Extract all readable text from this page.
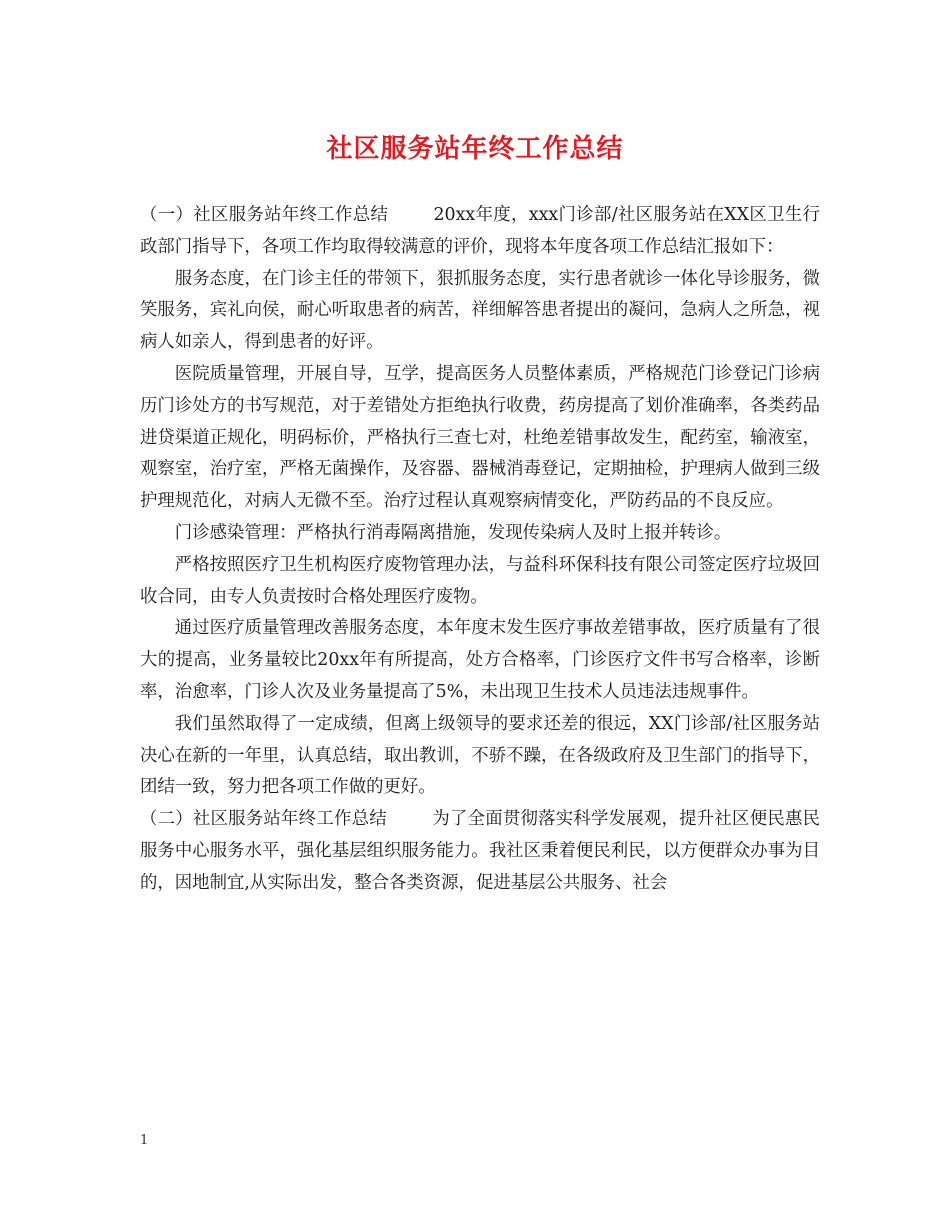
社区服务站年终工作总结

（一）社区服务站年终工作总结	20xx年度，xxx门诊部/社区服务站在XX区卫生行政部门指导下，各项工作均取得较满意的评价，现将本年度各项工作总结汇报如下：

服务态度，在门诊主任的带领下，狠抓服务态度，实行患者就诊一体化导诊服务，微笑服务，宾礼向侯，耐心听取患者的病苦，祥细解答患者提出的凝问，急病人之所急，视病人如亲人，得到患者的好评。

医院质量管理，开展自导，互学，提高医务人员整体素质，严格规范门诊登记门诊病历门诊处方的书写规范，对于差错处方拒绝执行收费，药房提高了划价准确率，各类药品进贷渠道正规化，明码标价，严格执行三查七对，杜绝差错事故发生，配药室，输液室，观察室，治疗室，严格无菌操作，及容器、器械消毒登记，定期抽检，护理病人做到三级护理规范化，对病人无微不至。治疗过程认真观察病情变化，严防药品的不良反应。

门诊感染管理：严格执行消毒隔离措施，发现传染病人及时上报并转诊。

严格按照医疗卫生机构医疗废物管理办法，与益科环保科技有限公司签定医疗垃圾回收合同，由专人负责按时合格处理医疗废物。

通过医疗质量管理改善服务态度，本年度末发生医疗事故差错事故，医疗质量有了很大的提高，业务量较比20xx年有所提高，处方合格率，门诊医疗文件书写合格率，诊断率，治愈率，门诊人次及业务量提高了5%，未出现卫生技术人员违法违规事件。

我们虽然取得了一定成绩，但离上级领导的要求还差的很远，XX门诊部/社区服务站决心在新的一年里，认真总结，取出教训，不骄不躁，在各级政府及卫生部门的指导下，团结一致，努力把各项工作做的更好。

（二）社区服务站年终工作总结	为了全面贯彻落实科学发展观，提升社区便民惠民服务中心服务水平，强化基层组织服务能力。我社区秉着便民利民，以方便群众办事为目的，因地制宜,从实际出发，整合各类资源，促进基层公共服务、社会

1
